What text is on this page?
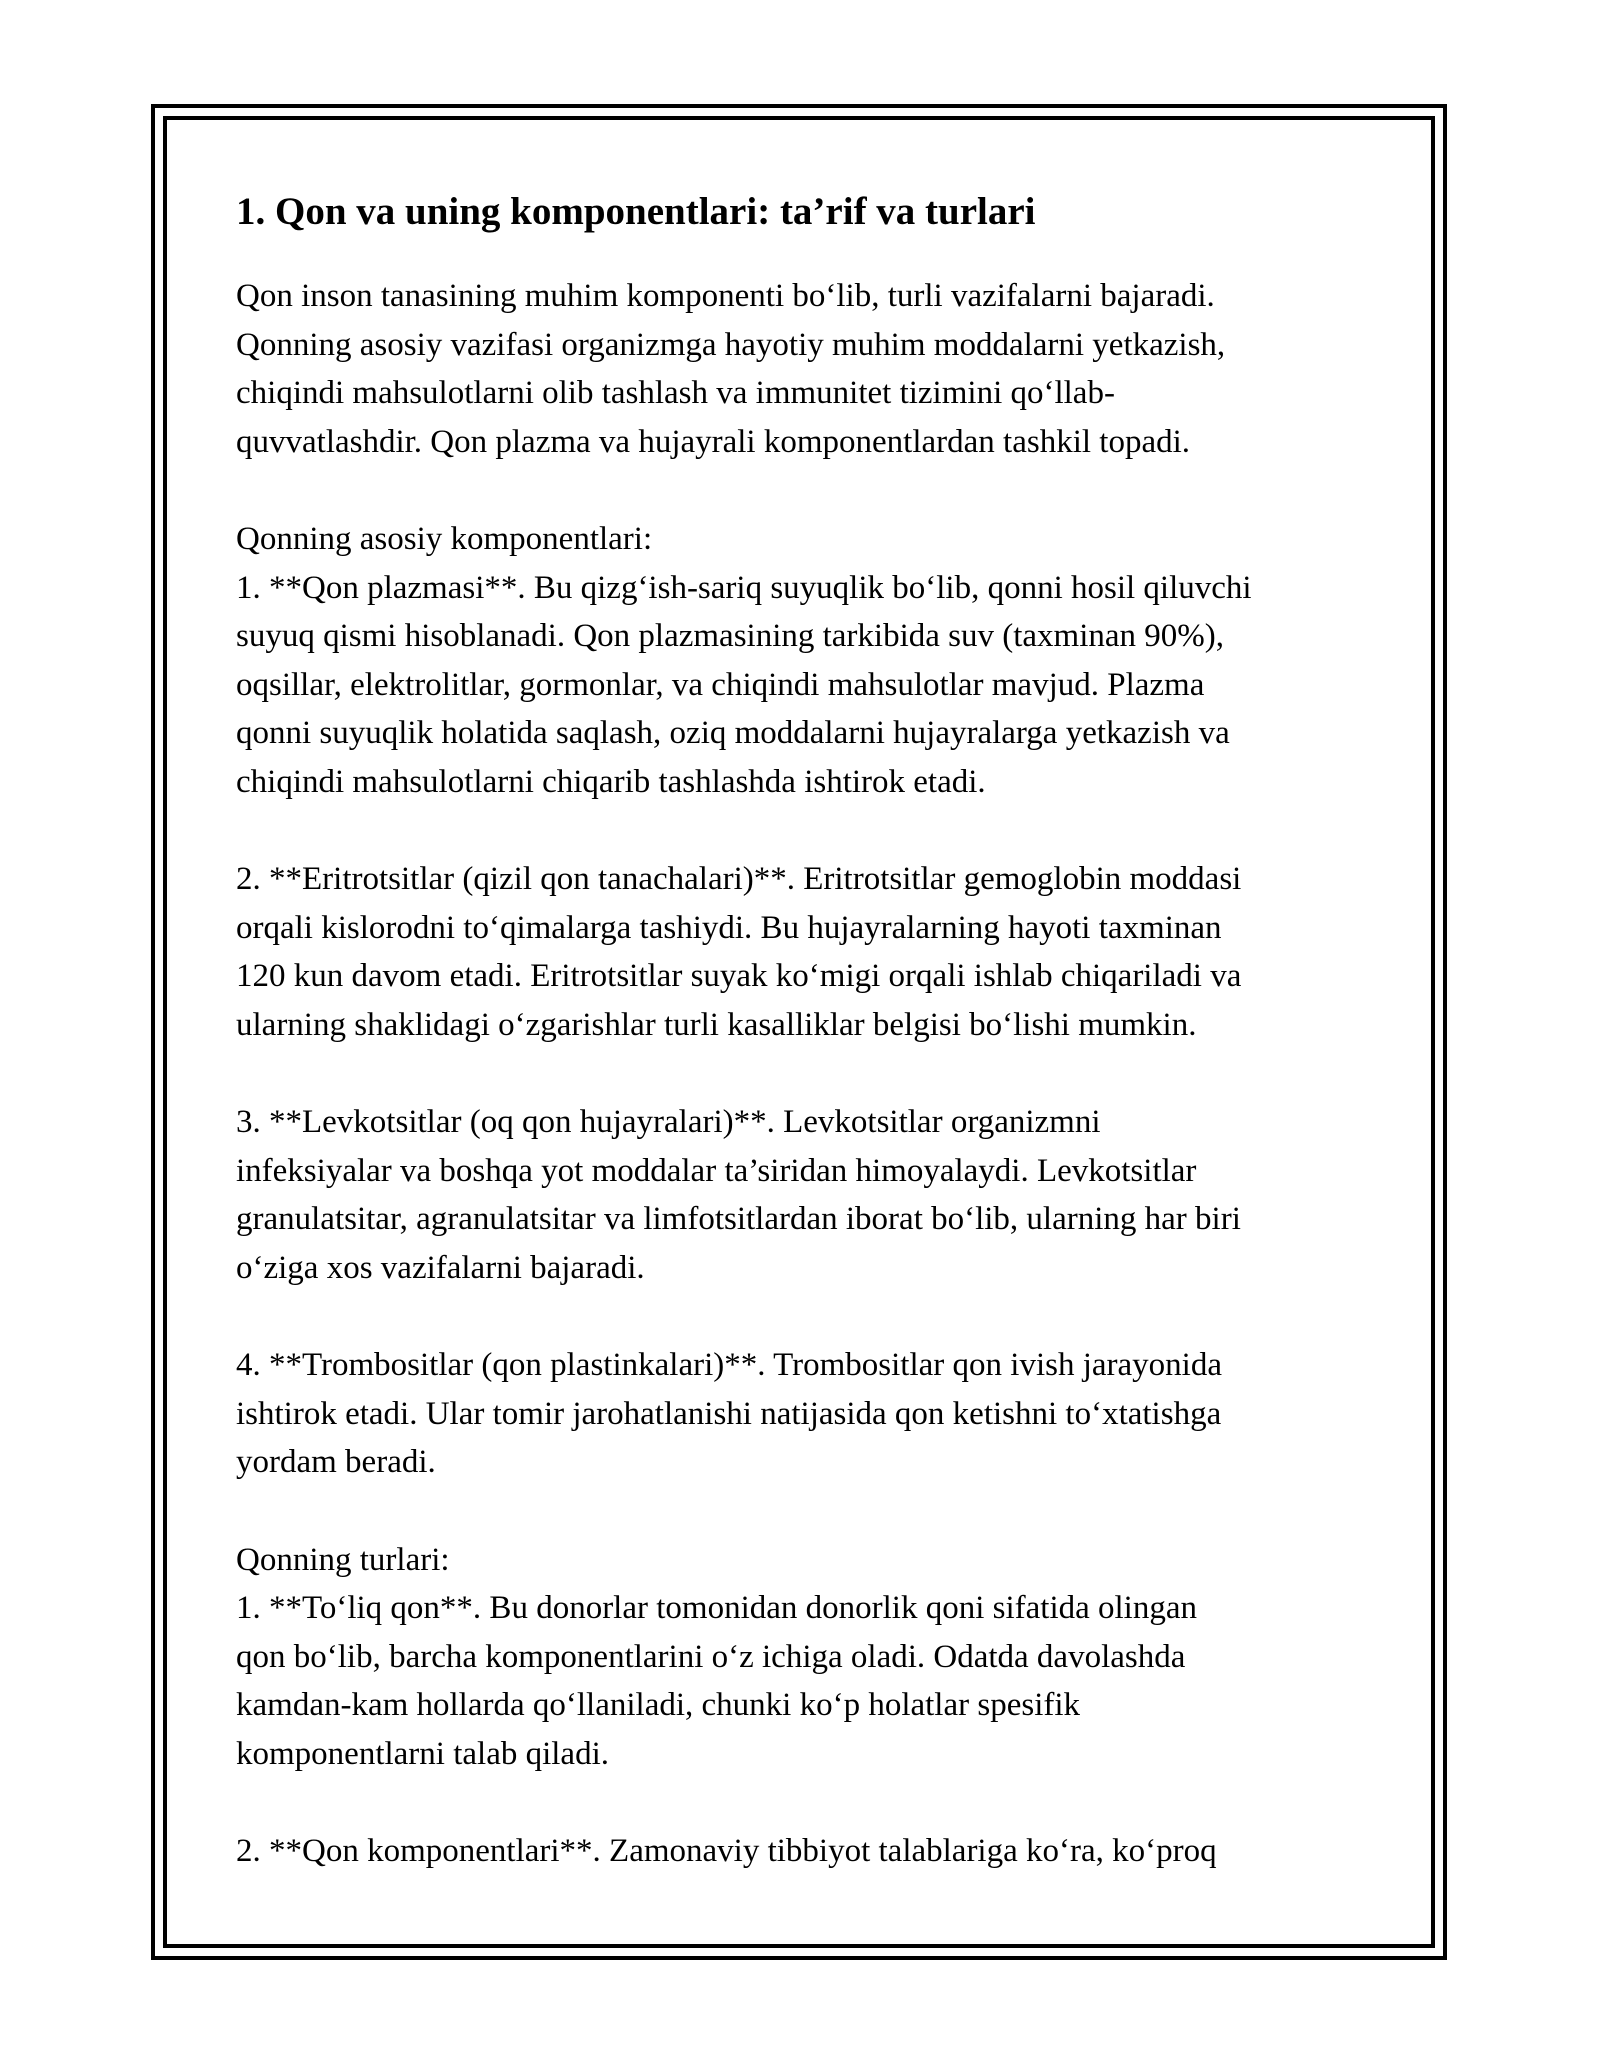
1. Qon va uning komponentlari: ta’rif va turlari

Qon inson tanasining muhim komponenti bo‘lib, turli vazifalarni bajaradi.
Qonning asosiy vazifasi organizmga hayotiy muhim moddalarni yetkazish,
chiqindi mahsulotlarni olib tashlash va immunitet tizimini qo‘llab-
quvvatlashdir. Qon plazma va hujayrali komponentlardan tashkil topadi.

Qonning asosiy komponentlari:
1. **Qon plazmasi**. Bu qizg‘ish-sariq suyuqlik bo‘lib, qonni hosil qiluvchi
suyuq qismi hisoblanadi. Qon plazmasining tarkibida suv (taxminan 90%),
oqsillar, elektrolitlar, gormonlar, va chiqindi mahsulotlar mavjud. Plazma
qonni suyuqlik holatida saqlash, oziq moddalarni hujayralarga yetkazish va
chiqindi mahsulotlarni chiqarib tashlashda ishtirok etadi.

2. **Eritrotsitlar (qizil qon tanachalari)**. Eritrotsitlar gemoglobin moddasi
orqali kislorodni to‘qimalarga tashiydi. Bu hujayralarning hayoti taxminan
120 kun davom etadi. Eritrotsitlar suyak ko‘migi orqali ishlab chiqariladi va
ularning shaklidagi o‘zgarishlar turli kasalliklar belgisi bo‘lishi mumkin.

3. **Levkotsitlar (oq qon hujayralari)**. Levkotsitlar organizmni
infeksiyalar va boshqa yot moddalar ta’siridan himoyalaydi. Levkotsitlar
granulatsitar, agranulatsitar va limfotsitlardan iborat bo‘lib, ularning har biri
o‘ziga xos vazifalarni bajaradi.

4. **Trombositlar (qon plastinkalari)**. Trombositlar qon ivish jarayonida
ishtirok etadi. Ular tomir jarohatlanishi natijasida qon ketishni to‘xtatishga
yordam beradi.

Qonning turlari:
1. **To‘liq qon**. Bu donorlar tomonidan donorlik qoni sifatida olingan
qon bo‘lib, barcha komponentlarini o‘z ichiga oladi. Odatda davolashda
kamdan-kam hollarda qo‘llaniladi, chunki ko‘p holatlar spesifik
komponentlarni talab qiladi.

2. **Qon komponentlari**. Zamonaviy tibbiyot talablariga ko‘ra, ko‘proq
